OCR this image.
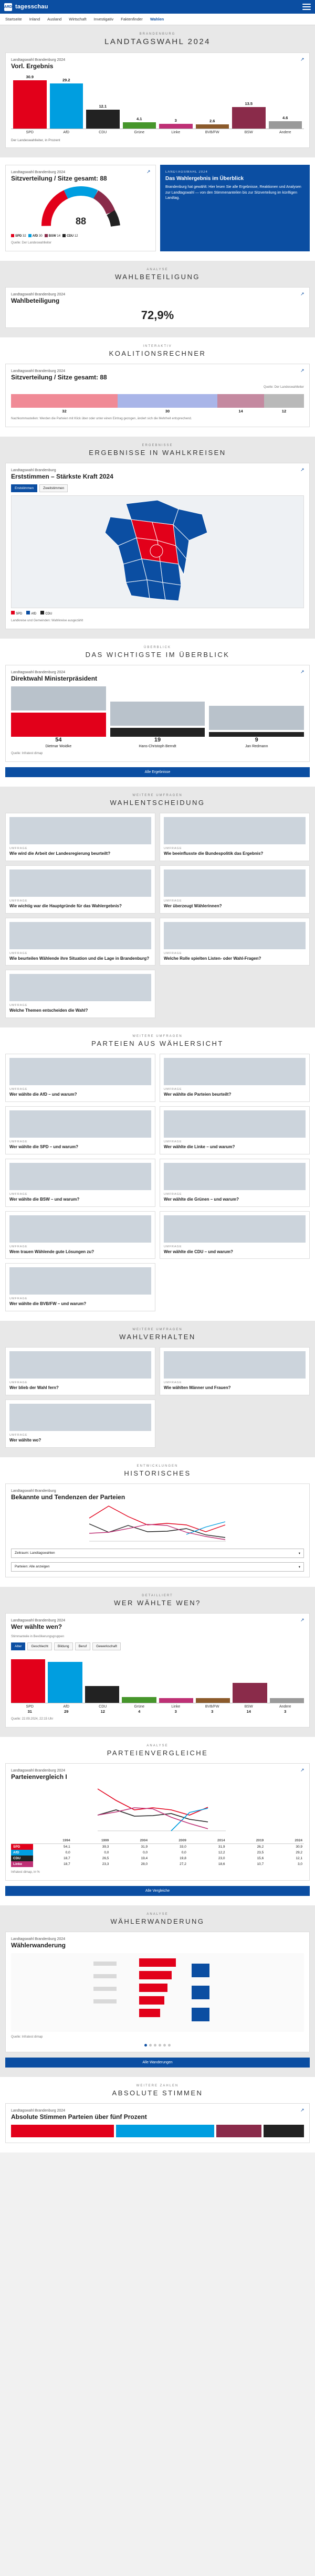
ARD tagesschau
Startseite Inland Ausland Wirtschaft Investigativ Faktenfinder Wahlen
BRANDENBURG
LANDTAGSWAHL 2024
↗
Landtagswahl Brandenburg 2024
Vorl. Ergebnis
30.9
29.2
12.1
4.1	3	2.6
13.5
4.6
SPD	AfD	CDU	Grüne	Linke	BVB/FW	BSW	Andere
Der Landeswahlleiter, in Prozent
↗
Landtagswahl Brandenburg 2024
Sitzverteilung / Sitze gesamt: 88
88
SPD 32	AfD 30	BSW 14	CDU 12
Quelle: Der Landeswahlleiter
LANDTAGSWAHL 2024
Das Wahlergebnis im Überblick
Brandenburg hat gewählt: Hier lesen Sie alle Ergebnisse, Reaktionen und Analysen zur Landtagswahl — von den Stimmenanteilen bis zur Sitzverteilung im künftigen Landtag.
ANALYSE
WAHLBETEILIGUNG
↗
Landtagswahl Brandenburg 2024
Wahlbeteiligung
72,9%
INTERAKTIV
KOALITIONSRECHNER
↗
Landtagswahl Brandenburg 2024
Sitzverteilung / Sitze gesamt: 88
Quelle: Der Landeswahlleiter
32	30	14	12
Nachkommastellen: Werden die Parteien mit Klick über oder unter einen Eintrag gezogen, ändert sich die Mehrheit entsprechend.
ERGEBNISSE
ERGEBNISSE IN WAHLKREISEN
↗
Landtagswahl Brandenburg
Erststimmen – Stärkste Kraft 2024
Erststimmen	Zweitstimmen
SPD	AfD	CDU
Landkreise und Gemeinden: Wahlkreise ausgezählt
ÜBERBLICK
DAS WICHTIGSTE IM ÜBERBLICK
↗
Landtagswahl Brandenburg 2024
Direktwahl Ministerpräsident
54
Dietmar Woidke
19
Hans-Christoph Berndt
9
Jan Redmann
Quelle: Infratest dimap
Alle Ergebnisse
WEITERE UMFRAGEN
WAHLENTSCHEIDUNG
UMFRAGE
Wie wird die Arbeit der Landesregierung beurteilt?
UMFRAGE
Wie beeinflusste die Bundespolitik das Ergebnis?
UMFRAGE
Wie wichtig war die Hauptgründe für das Wahlergebnis?
UMFRAGE
Wer überzeugt Wählerinnen?
UMFRAGE
Wie beurteilen Wählende ihre Situation und die Lage in Brandenburg?
UMFRAGE
Welche Rolle spielten Listen- oder Wahl-Fragen?
UMFRAGE
Welche Themen entscheiden die Wahl?
WEITERE UMFRAGEN
PARTEIEN AUS WÄHLERSICHT
UMFRAGE
Wer wählte die AfD – und warum?
UMFRAGE
Wer wählte die Parteien beurteilt?
UMFRAGE
Wer wählte die SPD – und warum?
UMFRAGE
Wer wählte die Linke – und warum?
UMFRAGE
Wer wählte die BSW – und warum?
UMFRAGE
Wer wählte die Grünen – und warum?
UMFRAGE
Wem trauen Wählende gute Lösungen zu?
UMFRAGE
Wer wählte die CDU – und warum?
UMFRAGE
Wer wählte die BVB/FW – und warum?
WEITERE UMFRAGEN
WAHLVERHALTEN
UMFRAGE
Wer blieb der Wahl fern?
UMFRAGE
Wie wählten Männer und Frauen?
UMFRAGE
Wer wählte wo?
ENTWICKLUNGEN
HISTORISCHES
Landtagswahl Brandenburg
Bekannte und Tendenzen der Parteien
Zeitraum: Landtagswahlen	▾
Parteien: Alle anzeigen	▾
DETAILLIERT
WER WÄHLTE WEN?
↗
Landtagswahl Brandenburg 2024
Wer wählte wen?
Stimmanteile in Bevölkerungsgruppen
Alter	Geschlecht	Bildung	Beruf	Gewerkschaft
SPD	AfD	CDU	Grüne	Linke	BVB/FW	BSW	Andere
31	29	12	4	3	3	14	3
Quelle: 22.09.2024, 22:15 Uhr
ANALYSE
PARTEIENVERGLEICHE
↗
Landtagswahl Brandenburg 2024
Parteienvergleich I
	1994	1999	2004	2009	2014	2019	2024
SPD	54,1	39,3	31,9	33,0	31,9	26,2	30,9
AfD	0,0	0,0	0,0	0,0	12,2	23,5	29,2
CDU	18,7	26,5	19,4	19,8	23,0	15,6	12,1
Linke	18,7	23,3	28,0	27,2	18,6	10,7	3,0
Infratest dimap, in %
Alle Vergleiche
ANALYSE
WÄHLERWANDERUNG
Landtagswahl Brandenburg 2024
Wählerwanderung
Quelle: Infratest dimap
Alle Wanderungen
WEITERE ZAHLEN
ABSOLUTE STIMMEN
↗
Landtagswahl Brandenburg 2024
Absolute Stimmen Parteien über fünf Prozent
